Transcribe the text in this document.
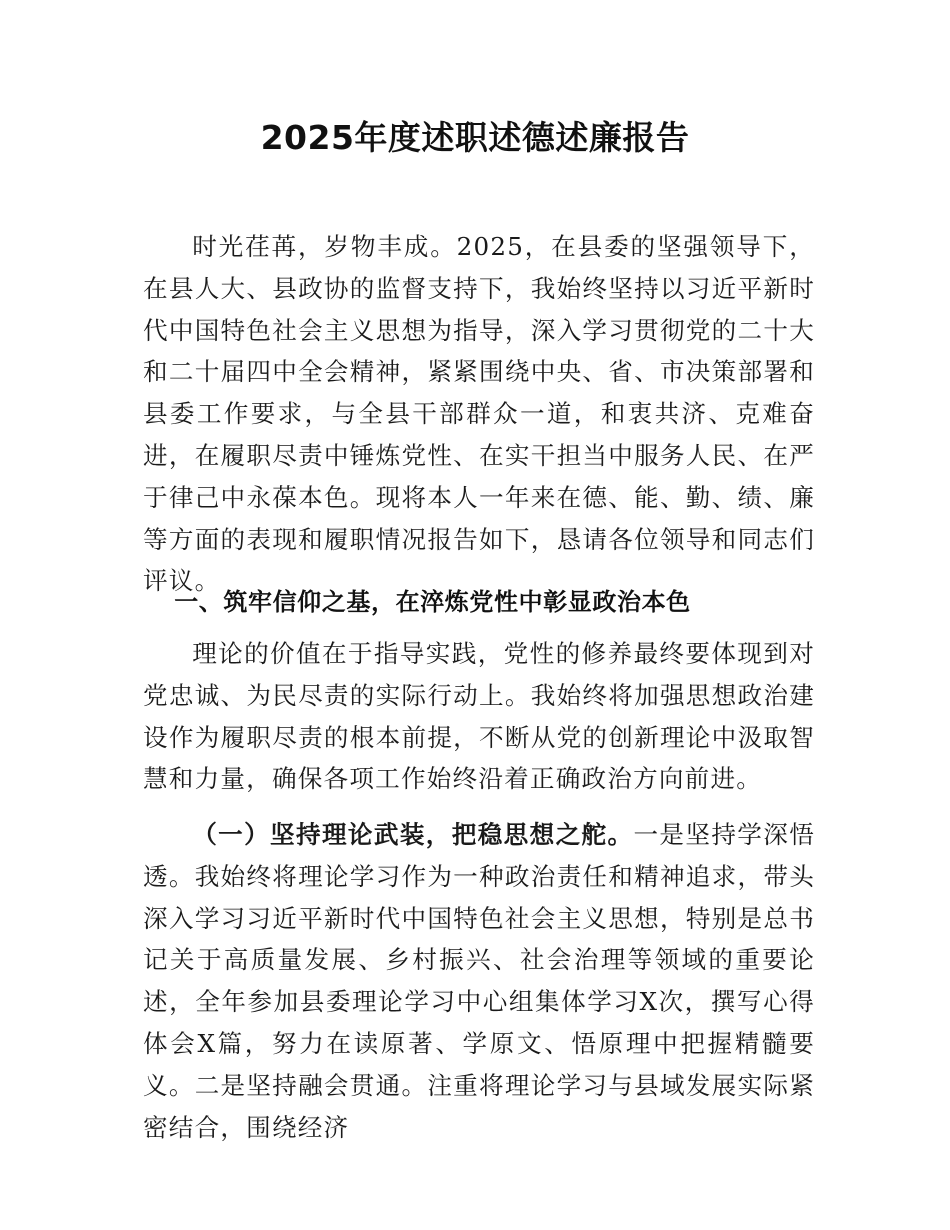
2025年度述职述德述廉报告

时光荏苒，岁物丰成。2025，在县委的坚强领导下，在县人大、县政协的监督支持下，我始终坚持以习近平新时代中国特色社会主义思想为指导，深入学习贯彻党的二十大和二十届四中全会精神，紧紧围绕中央、省、市决策部署和县委工作要求，与全县干部群众一道，和衷共济、克难奋进，在履职尽责中锤炼党性、在实干担当中服务人民、在严于律己中永葆本色。现将本人一年来在德、能、勤、绩、廉等方面的表现和履职情况报告如下，恳请各位领导和同志们评议。

一、筑牢信仰之基，在淬炼党性中彰显政治本色

理论的价值在于指导实践，党性的修养最终要体现到对党忠诚、为民尽责的实际行动上。我始终将加强思想政治建设作为履职尽责的根本前提，不断从党的创新理论中汲取智慧和力量，确保各项工作始终沿着正确政治方向前进。

（一）坚持理论武装，把稳思想之舵。一是坚持学深悟透。我始终将理论学习作为一种政治责任和精神追求，带头深入学习习近平新时代中国特色社会主义思想，特别是总书记关于高质量发展、乡村振兴、社会治理等领域的重要论述，全年参加县委理论学习中心组集体学习X次，撰写心得体会X篇，努力在读原著、学原文、悟原理中把握精髓要义。二是坚持融会贯通。注重将理论学习与县域发展实际紧密结合，围绕经济
